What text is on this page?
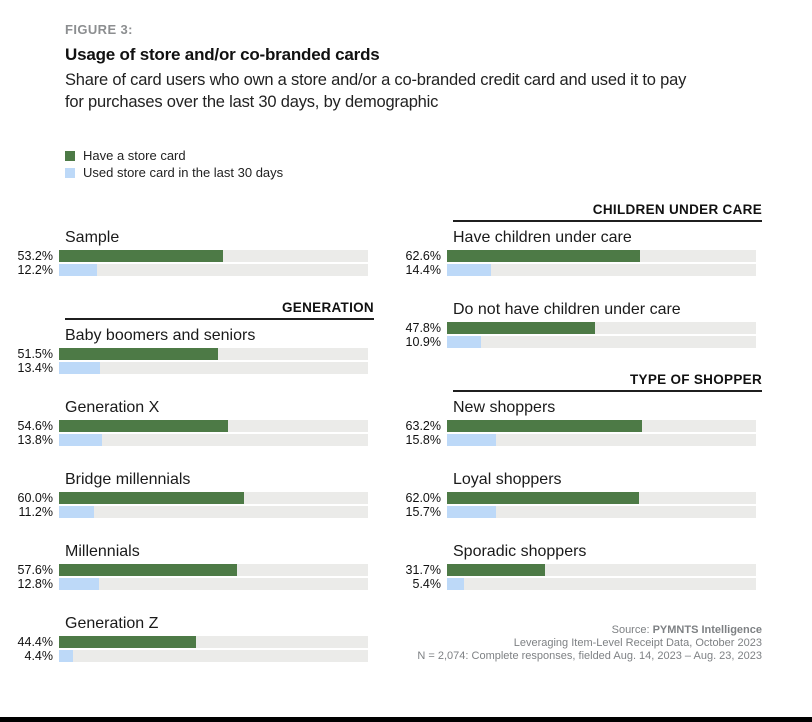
FIGURE 3:
Usage of store and/or co-branded cards
Share of card users who own a store and/or a co-branded credit card and used it to pay
for purchases over the last 30 days, by demographic
Have a store card
Used store card in the last 30 days
GENERATION
CHILDREN UNDER CARE
TYPE OF SHOPPER
Sample
53.2%
12.2%
Baby boomers and seniors
51.5%
13.4%
Generation X
54.6%
13.8%
Bridge millennials
60.0%
11.2%
Millennials
57.6%
12.8%
Generation Z
44.4%
4.4%
Have children under care
62.6%
14.4%
Do not have children under care
47.8%
10.9%
New shoppers
63.2%
15.8%
Loyal shoppers
62.0%
15.7%
Sporadic shoppers
31.7%
5.4%
Source: PYMNTS Intelligence
Leveraging Item-Level Receipt Data, October 2023
N = 2,074: Complete responses, fielded Aug. 14, 2023 – Aug. 23, 2023
